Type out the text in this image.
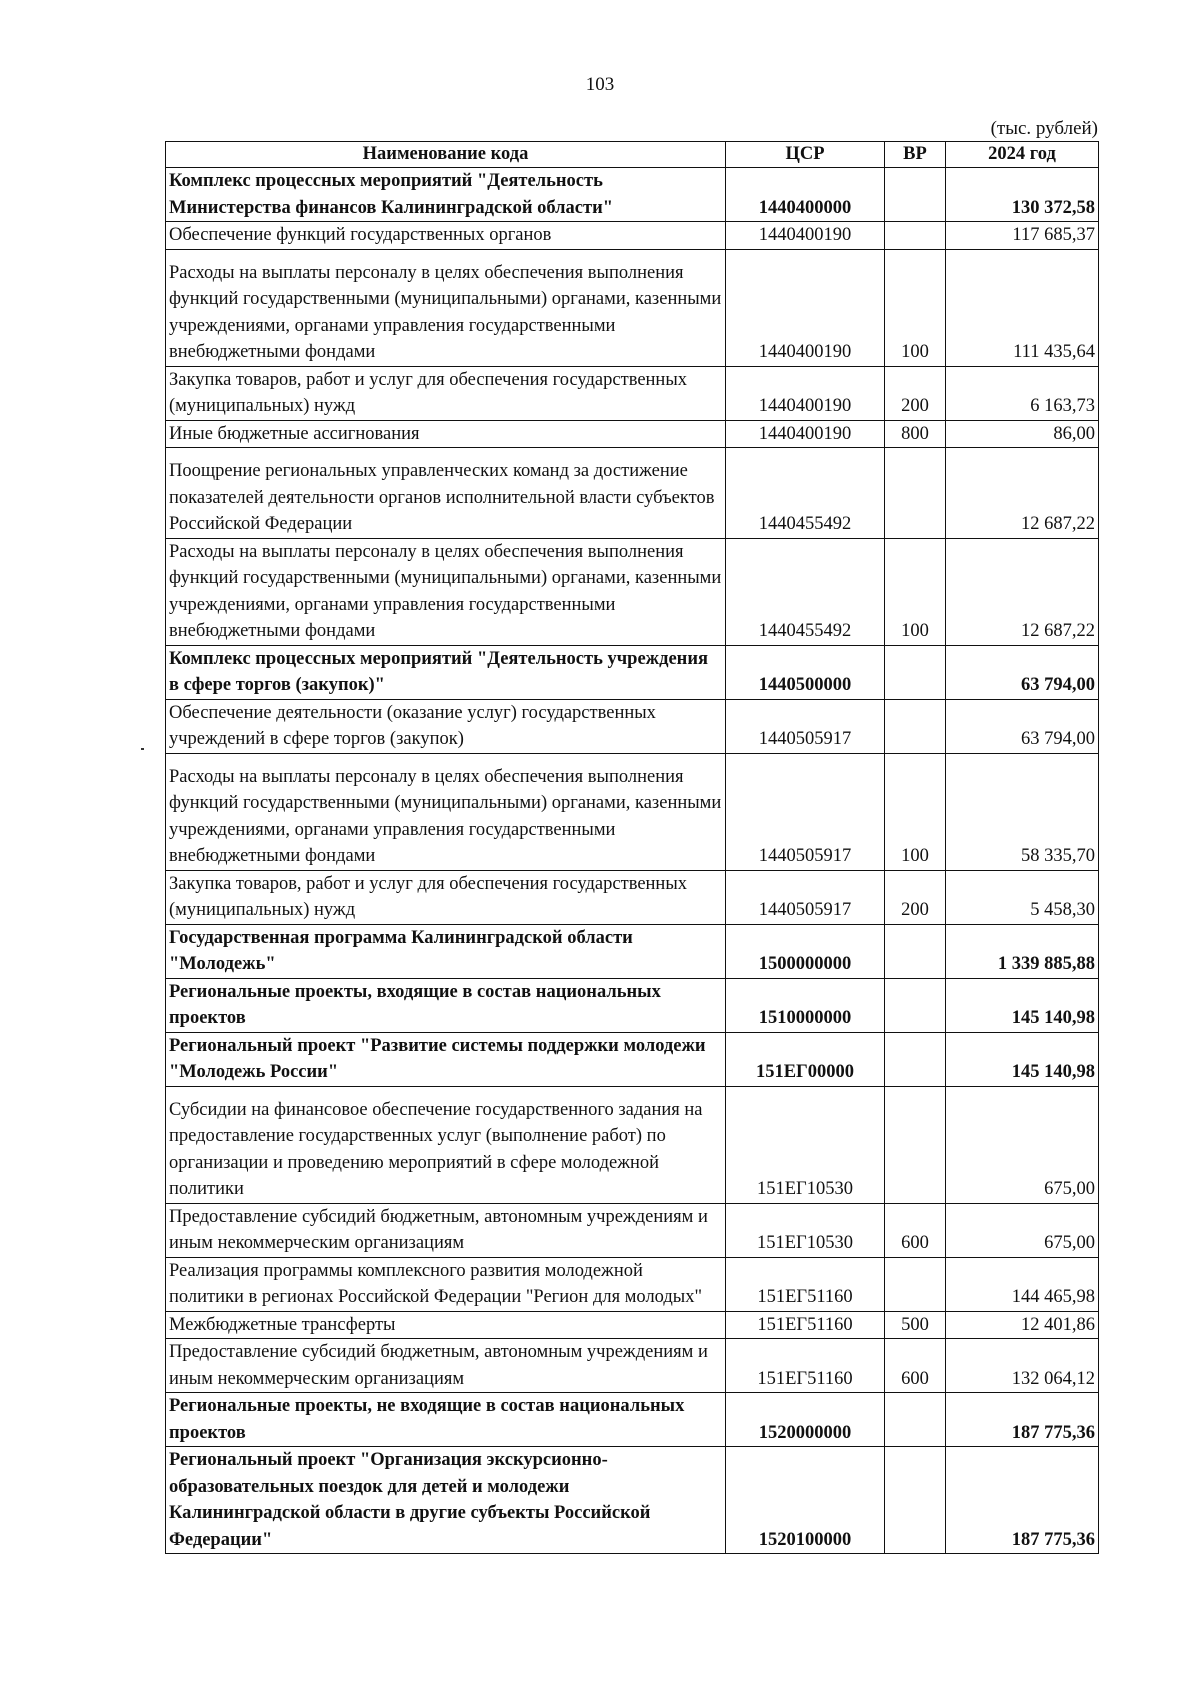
103
(тыс. рублей)
Наименование кода	ЦСР	ВР	2024 год
Комплекс процессных мероприятий "Деятельность Министерства финансов Калининградской области"	1440400000		130 372,58
Обеспечение функций государственных органов	1440400190		117 685,37
Расходы на выплаты персоналу в целях обеспечения выполнения функций государственными (муниципальными) органами, казенными учреждениями, органами управления государственными внебюджетными фондами	1440400190	100	111 435,64
Закупка товаров, работ и услуг для обеспечения государственных (муниципальных) нужд	1440400190	200	6 163,73
Иные бюджетные ассигнования	1440400190	800	86,00
Поощрение региональных управленческих команд за достижение показателей деятельности органов исполнительной власти субъектов Российской Федерации	1440455492		12 687,22
Расходы на выплаты персоналу в целях обеспечения выполнения функций государственными (муниципальными) органами, казенными учреждениями, органами управления государственными внебюджетными фондами	1440455492	100	12 687,22
Комплекс процессных мероприятий "Деятельность учреждения в сфере торгов (закупок)"	1440500000		63 794,00
Обеспечение деятельности (оказание услуг) государственных учреждений в сфере торгов (закупок)	1440505917		63 794,00
Расходы на выплаты персоналу в целях обеспечения выполнения функций государственными (муниципальными) органами, казенными учреждениями, органами управления государственными внебюджетными фондами	1440505917	100	58 335,70
Закупка товаров, работ и услуг для обеспечения государственных (муниципальных) нужд	1440505917	200	5 458,30
Государственная программа Калининградской области "Молодежь"	1500000000		1 339 885,88
Региональные проекты, входящие в состав национальных проектов	1510000000		145 140,98
Региональный проект "Развитие системы поддержки молодежи "Молодежь России"	151ЕГ00000		145 140,98
Субсидии на финансовое обеспечение государственного задания на предоставление государственных услуг (выполнение работ) по организации и проведению мероприятий в сфере молодежной политики	151ЕГ10530		675,00
Предоставление субсидий бюджетным, автономным учреждениям и иным некоммерческим организациям	151ЕГ10530	600	675,00
Реализация программы комплексного развития молодежной политики в регионах Российской Федерации "Регион для молодых"	151ЕГ51160		144 465,98
Межбюджетные трансферты	151ЕГ51160	500	12 401,86
Предоставление субсидий бюджетным, автономным учреждениям и иным некоммерческим организациям	151ЕГ51160	600	132 064,12
Региональные проекты, не входящие в состав национальных проектов	1520000000		187 775,36
Региональный проект "Организация экскурсионно-образовательных поездок для детей и молодежи Калининградской области в другие субъекты Российской Федерации"	1520100000		187 775,36
